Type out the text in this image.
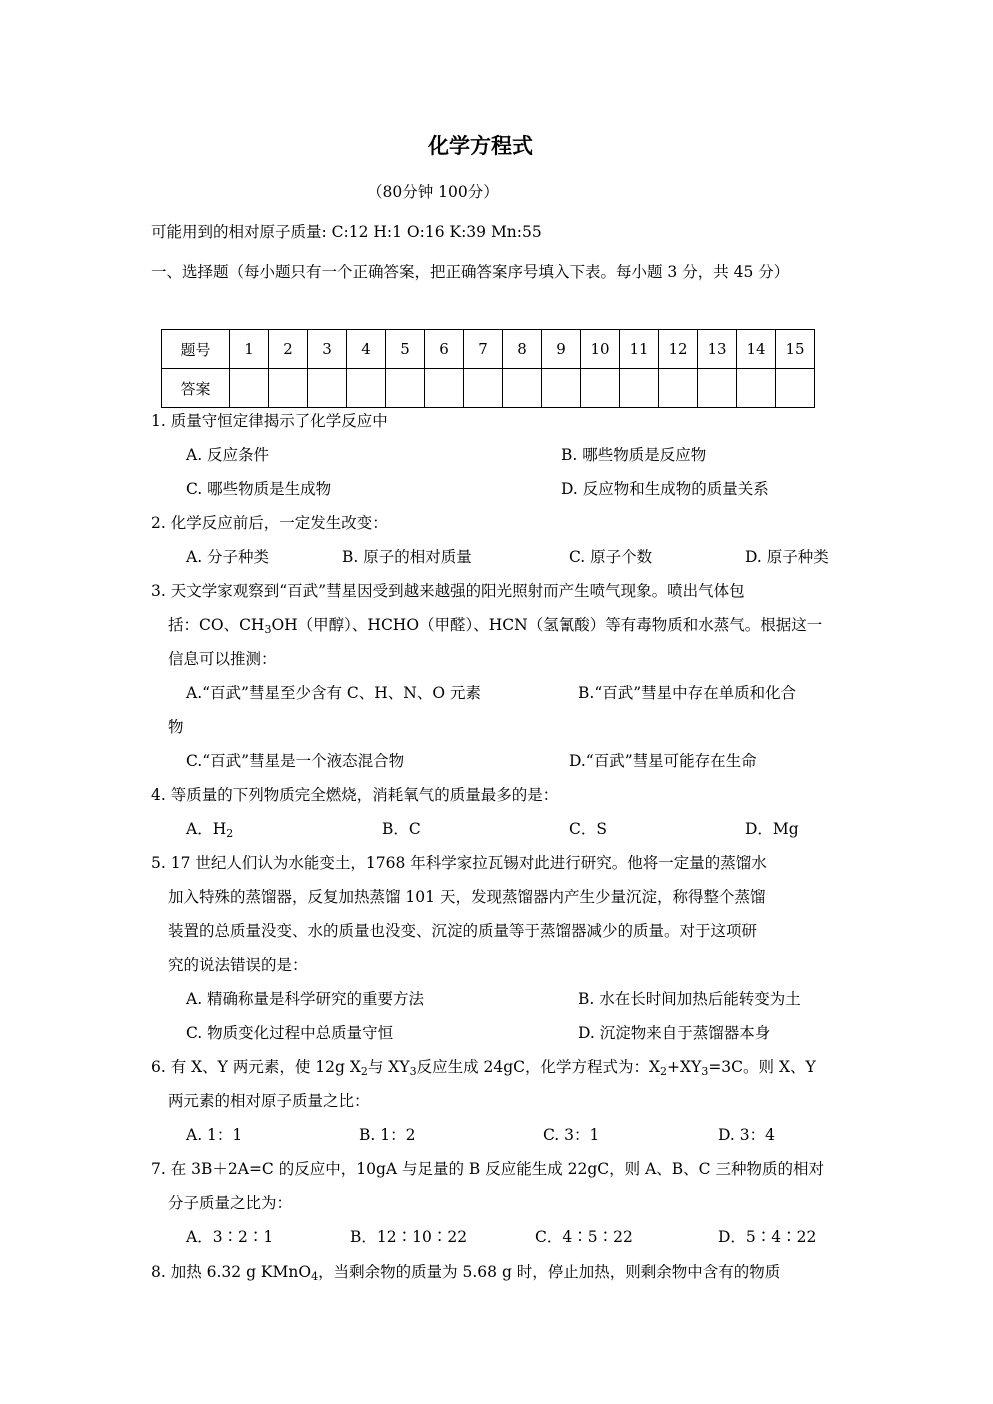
化学方程式
（80分钟 100分）
可能用到的相对原子质量: C:12 H:1 O:16 K:39 Mn:55
一、选择题（每小题只有一个正确答案，把正确答案序号填入下表。每小题 3 分，共 45 分）
题号	1	2	3	4	5	6	7	8	9	10	11	12	13	14	15
答案															
1. 质量守恒定律揭示了化学反应中
A. 反应条件	B. 哪些物质是反应物
C. 哪些物质是生成物	D. 反应物和生成物的质量关系
2. 化学反应前后，一定发生改变：
A. 分子种类	B. 原子的相对质量	C. 原子个数	D. 原子种类
3. 天文学家观察到“百武”彗星因受到越来越强的阳光照射而产生喷气现象。喷出气体包
括：CO、$CH_3OH$（甲醇）、HCHO（甲醛）、HCN（氢氰酸）等有毒物质和水蒸气。根据这一
信息可以推测：
A.“百武”彗星至少含有 C、H、N、O 元素	B.“百武”彗星中存在单质和化合
物
C.“百武”彗星是一个液态混合物	D.“百武”彗星可能存在生命
4. 等质量的下列物质完全燃烧，消耗氧气的质量最多的是：
A．$H_2$	B．C	C．S	D．Mg
5. 17 世纪人们认为水能变土，1768 年科学家拉瓦锡对此进行研究。他将一定量的蒸馏水
加入特殊的蒸馏器，反复加热蒸馏 101 天，发现蒸馏器内产生少量沉淀，称得整个蒸馏
装置的总质量没变、水的质量也没变、沉淀的质量等于蒸馏器减少的质量。对于这项研
究的说法错误的是：
A. 精确称量是科学研究的重要方法	B. 水在长时间加热后能转变为土
C. 物质变化过程中总质量守恒	D. 沉淀物来自于蒸馏器本身
6. 有 X、Y 两元素，使 12g $X_2$与 $XY_3$反应生成 24gC，化学方程式为：$X_2+XY_3=3C$。则 X、Y
两元素的相对原子质量之比：
A. 1：1	B. 1：2	C. 3：1	D. 3：4
7. 在 3B＋2A=C 的反应中，10gA 与足量的 B 反应能生成 22gC，则 A、B、C 三种物质的相对
分子质量之比为：
A．3∶2∶1	B．12∶10∶22	C．4∶5∶22	D．5∶4∶22
8. 加热 6.32 g KMnO$_4$，当剩余物的质量为 5.68 g 时，停止加热，则剩余物中含有的物质
